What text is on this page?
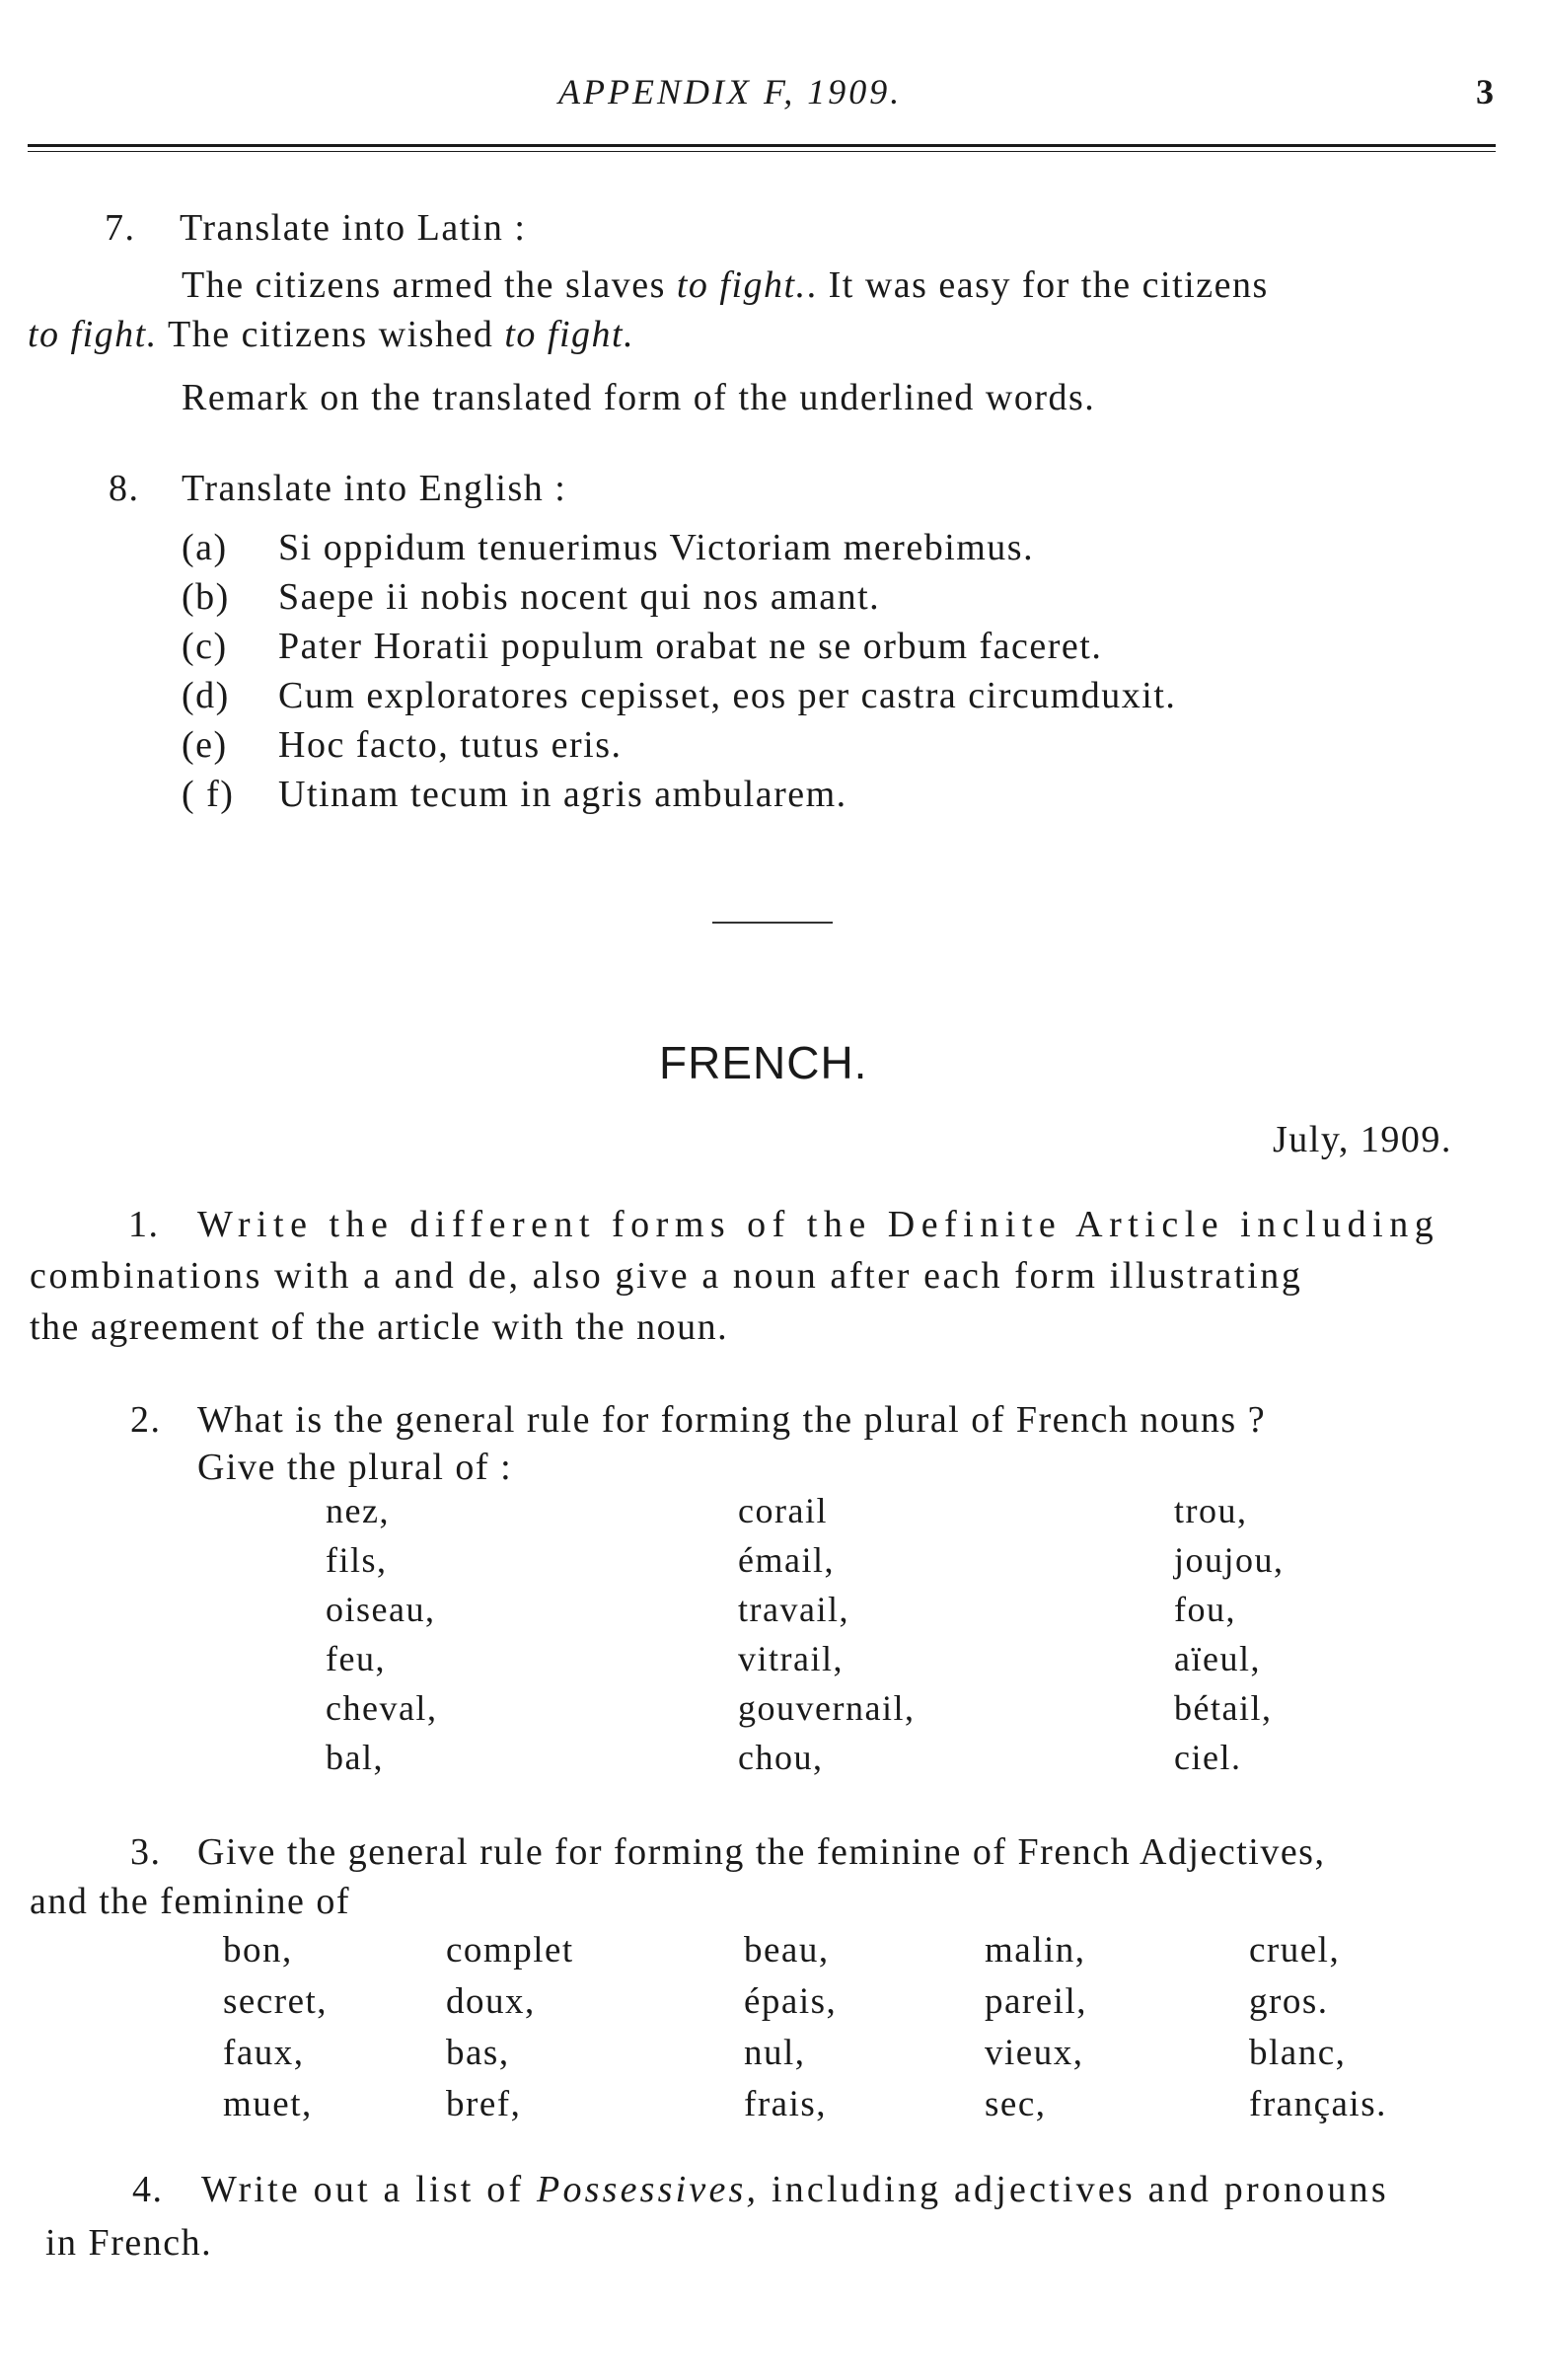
APPENDIX F, 1909.	3
7. Translate into Latin :
The citizens armed the slaves to fight.. It was easy for the citizens
to fight. The citizens wished to fight.
Remark on the translated form of the underlined words.
8. Translate into English :
(a) Si oppidum tenuerimus Victoriam merebimus.
(b) Saepe ii nobis nocent qui nos amant.
(c) Pater Horatii populum orabat ne se orbum faceret.
(d) Cum exploratores cepisset, eos per castra circumduxit.
(e) Hoc facto, tutus eris.
( f) Utinam tecum in agris ambularem.
FRENCH.
July, 1909.
1. Write the different forms of the Definite Article including
combinations with a and de, also give a noun after each form illustrating
the agreement of the article with the noun.
2. What is the general rule for forming the plural of French nouns ?
Give the plural of :
nez,
fils,
oiseau,
feu,
cheval,
bal,
corail
émail,
travail,
vitrail,
gouvernail,
chou,
trou,
joujou,
fou,
aïeul,
bétail,
ciel.
3. Give the general rule for forming the feminine of French Adjectives,
and the feminine of
bon,
secret,
faux,
muet,
complet
doux,
bas,
bref,
beau,
épais,
nul,
frais,
malin,
pareil,
vieux,
sec,
cruel,
gros.
blanc,
français.
4. Write out a list of Possessives, including adjectives and pronouns
in French.
